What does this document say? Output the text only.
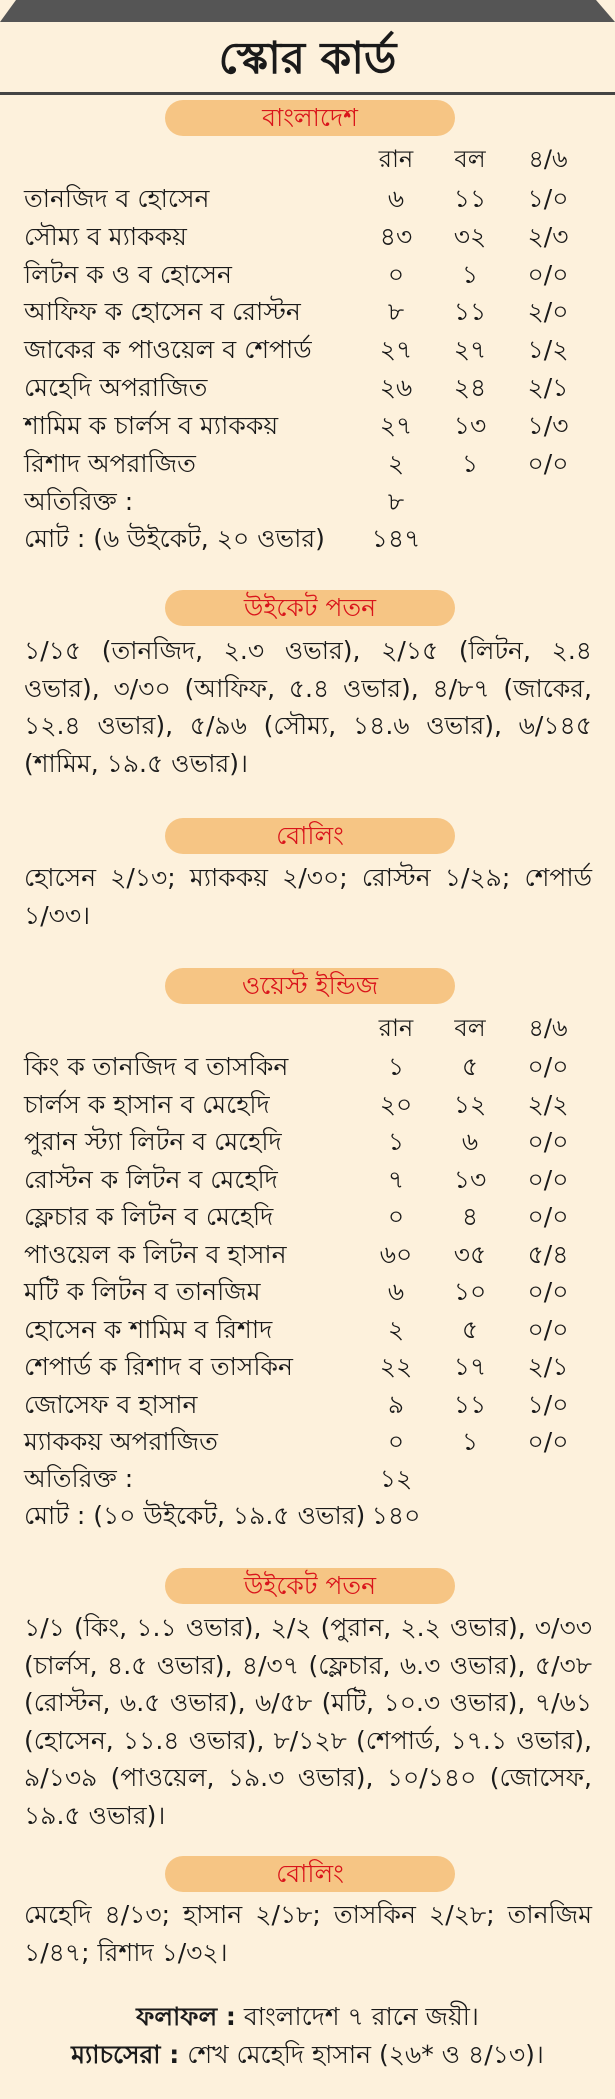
স্কোর কার্ড
বাংলাদেশ
রান	বল	৪/৬
তানজিদ ব হোসেন	৬	১১	১/০
সৌম্য ব ম্যাককয়	৪৩	৩২	২/৩
লিটন ক ও ব হোসেন	০	১	০/০
আফিফ ক হোসেন ব রোস্টন	৮	১১	২/০
জাকের ক পাওয়েল ব শেপার্ড	২৭	২৭	১/২
মেহেদি অপরাজিত	২৬	২৪	২/১
শামিম ক চার্লস ব ম্যাককয়	২৭	১৩	১/৩
রিশাদ অপরাজিত	২	১	০/০
অতিরিক্ত :	৮
মোট : (৬ উইকেট, ২০ ওভার)	১৪৭
উইকেট পতন
১/১৫ (তানজিদ, ২.৩ ওভার), ২/১৫ (লিটন, ২.৪ ওভার), ৩/৩০ (আফিফ, ৫.৪ ওভার), ৪/৮৭ (জাকের, ১২.৪ ওভার), ৫/৯৬ (সৌম্য, ১৪.৬ ওভার), ৬/১৪৫ (শামিম, ১৯.৫ ওভার)।
বোলিং
হোসেন ২/১৩; ম্যাককয় ২/৩০; রোস্টন ১/২৯; শেপার্ড ১/৩৩।
ওয়েস্ট ইন্ডিজ
রান	বল	৪/৬
কিং ক তানজিদ ব তাসকিন	১	৫	০/০
চার্লস ক হাসান ব মেহেদি	২০	১২	২/২
পুরান স্ট্যা লিটন ব মেহেদি	১	৬	০/০
রোস্টন ক লিটন ব মেহেদি	৭	১৩	০/০
ফ্লেচার ক লিটন ব মেহেদি	০	৪	০/০
পাওয়েল ক লিটন ব হাসান	৬০	৩৫	৫/৪
মটি ক লিটন ব তানজিম	৬	১০	০/০
হোসেন ক শামিম ব রিশাদ	২	৫	০/০
শেপার্ড ক রিশাদ ব তাসকিন	২২	১৭	২/১
জোসেফ ব হাসান	৯	১১	১/০
ম্যাককয় অপরাজিত	০	১	০/০
অতিরিক্ত :	১২
মোট : (১০ উইকেট, ১৯.৫ ওভার) ১৪০
উইকেট পতন
১/১ (কিং, ১.১ ওভার), ২/২ (পুরান, ২.২ ওভার), ৩/৩৩ (চার্লস, ৪.৫ ওভার), ৪/৩৭ (ফ্লেচার, ৬.৩ ওভার), ৫/৩৮ (রোস্টন, ৬.৫ ওভার), ৬/৫৮ (মটি, ১০.৩ ওভার), ৭/৬১ (হোসেন, ১১.৪ ওভার), ৮/১২৮ (শেপার্ড, ১৭.১ ওভার), ৯/১৩৯ (পাওয়েল, ১৯.৩ ওভার), ১০/১৪০ (জোসেফ, ১৯.৫ ওভার)।
বোলিং
মেহেদি ৪/১৩; হাসান ২/১৮; তাসকিন ২/২৮; তানজিম ১/৪৭; রিশাদ ১/৩২।
ফলাফল : বাংলাদেশ ৭ রানে জয়ী।
ম্যাচসেরা : শেখ মেহেদি হাসান (২৬* ও ৪/১৩)।
